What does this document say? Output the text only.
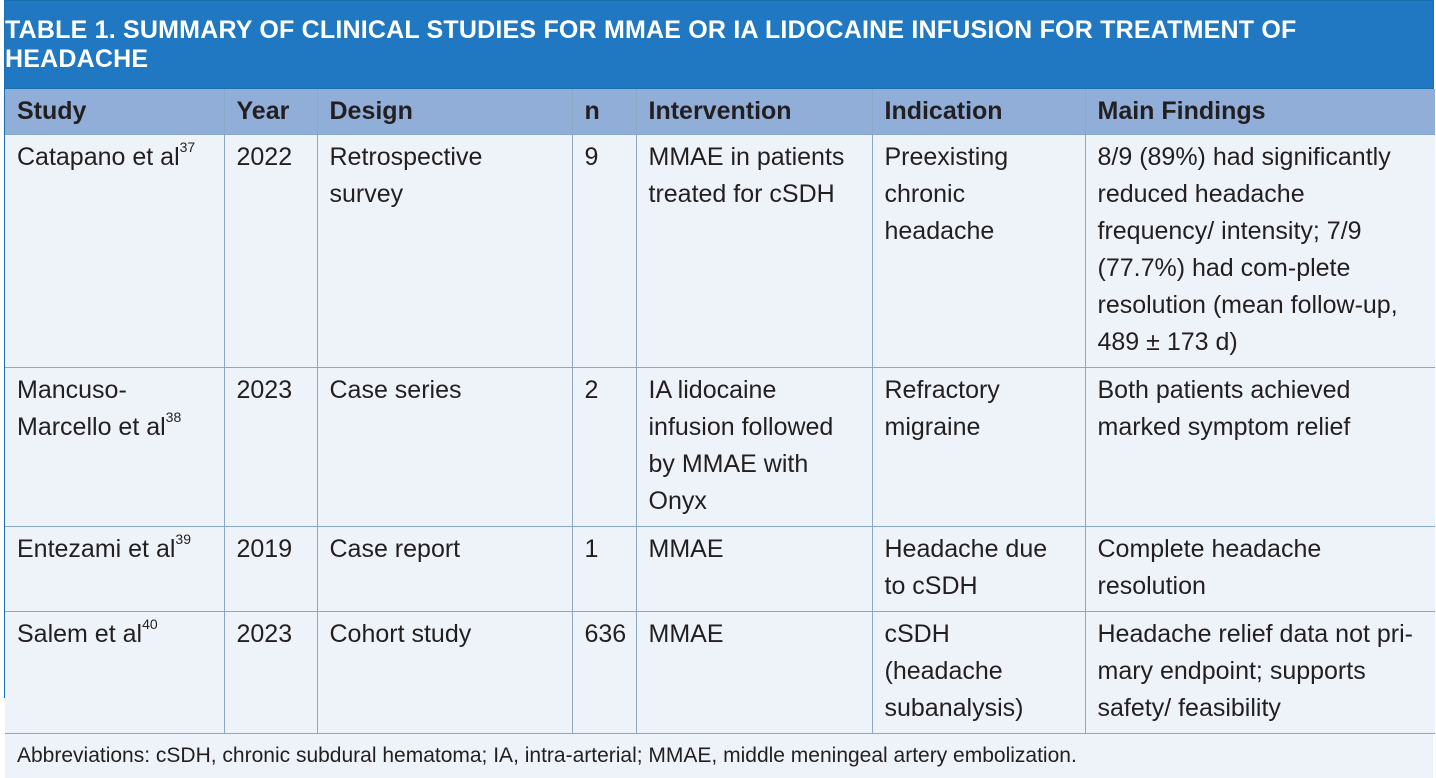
TABLE 1. SUMMARY OF CLINICAL STUDIES FOR MMAE OR IA LIDOCAINE INFUSION FOR TREATMENT OF HEADACHE
Study	Year	Design	n	Intervention	Indication	Main Findings
Catapano et $al^{37}$	2022	Retrospective survey	9	MMAE in patients treated for cSDH	Preexisting chronic headache	8/9 (89%) had significantly reduced headache frequency/ intensity; 7/9 (77.7%) had com-plete resolution (mean follow-up, 489 ± 173 d)
Mancuso-Marcello et $al^{38}$	2023	Case series	2	IA lidocaine infusion followed by MMAE with Onyx	Refractory migraine	Both patients achieved marked symptom relief
Entezami et $al^{39}$	2019	Case report	1	MMAE	Headache due to cSDH	Complete headache resolution
Salem et $al^{40}$	2023	Cohort study	636	MMAE	cSDH (headache subanalysis)	Headache relief data not pri-mary endpoint; supports safety/ feasibility
Abbreviations: cSDH, chronic subdural hematoma; IA, intra-arterial; MMAE, middle meningeal artery embolization.
